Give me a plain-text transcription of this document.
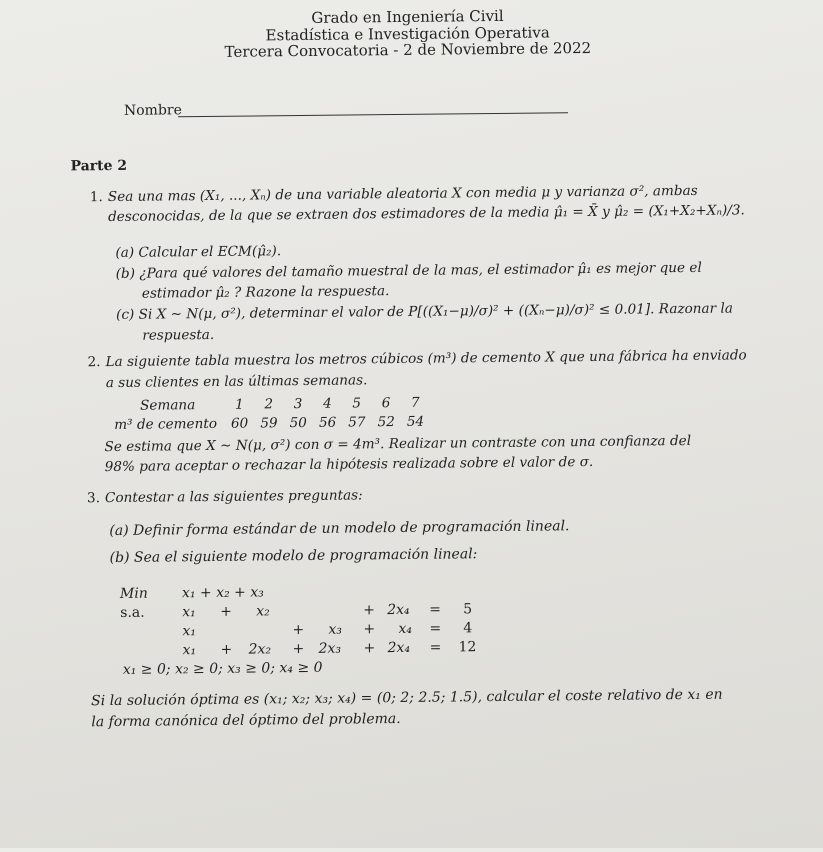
Grado en Ingeniería Civil
Estadística e Investigación Operativa
Tercera Convocatoria - 2 de Noviembre de 2022
Nombre
Parte 2
1. Sea una mas (X₁, ..., Xₙ) de una variable aleatoria X con media μ y varianza σ², ambas
desconocidas, de la que se extraen dos estimadores de la media μ̂₁ = X̄ y μ̂₂ = (X₁+X₂+Xₙ)/3.
(a) Calcular el ECM(μ̂₂).
(b) ¿Para qué valores del tamaño muestral de la mas, el estimador μ̂₁ es mejor que el
estimador μ̂₂ ? Razone la respuesta.
(c) Si X ∼ N(μ, σ²), determinar el valor de P[((X₁−μ)/σ)² + ((Xₙ−μ)/σ)² ≤ 0.01]. Razonar la
respuesta.
2. La siguiente tabla muestra los metros cúbicos (m³) de cemento X que una fábrica ha enviado
a sus clientes en las últimas semanas.
Semana	1	2	3	4	5	6	7
m³ de cemento	60	59	50	56	57	52	54
Se estima que X ∼ N(μ, σ²) con σ = 4m³. Realizar un contraste con una confianza del
98% para aceptar o rechazar la hipótesis realizada sobre el valor de σ.
3. Contestar a las siguientes preguntas:
(a) Definir forma estándar de un modelo de programación lineal.
(b) Sea el siguiente modelo de programación lineal:
Min x₁ + x₂ + x₃
s.a.	x₁ + x₂	+ 2x₄ = 5
x₁	+ x₃ + x₄ = 4
x₁ + 2x₂ + 2x₃ + 2x₄ = 12
x₁ ≥ 0; x₂ ≥ 0; x₃ ≥ 0; x₄ ≥ 0
Si la solución óptima es (x₁; x₂; x₃; x₄) = (0; 2; 2.5; 1.5), calcular el coste relativo de x₁ en
la forma canónica del óptimo del problema.
